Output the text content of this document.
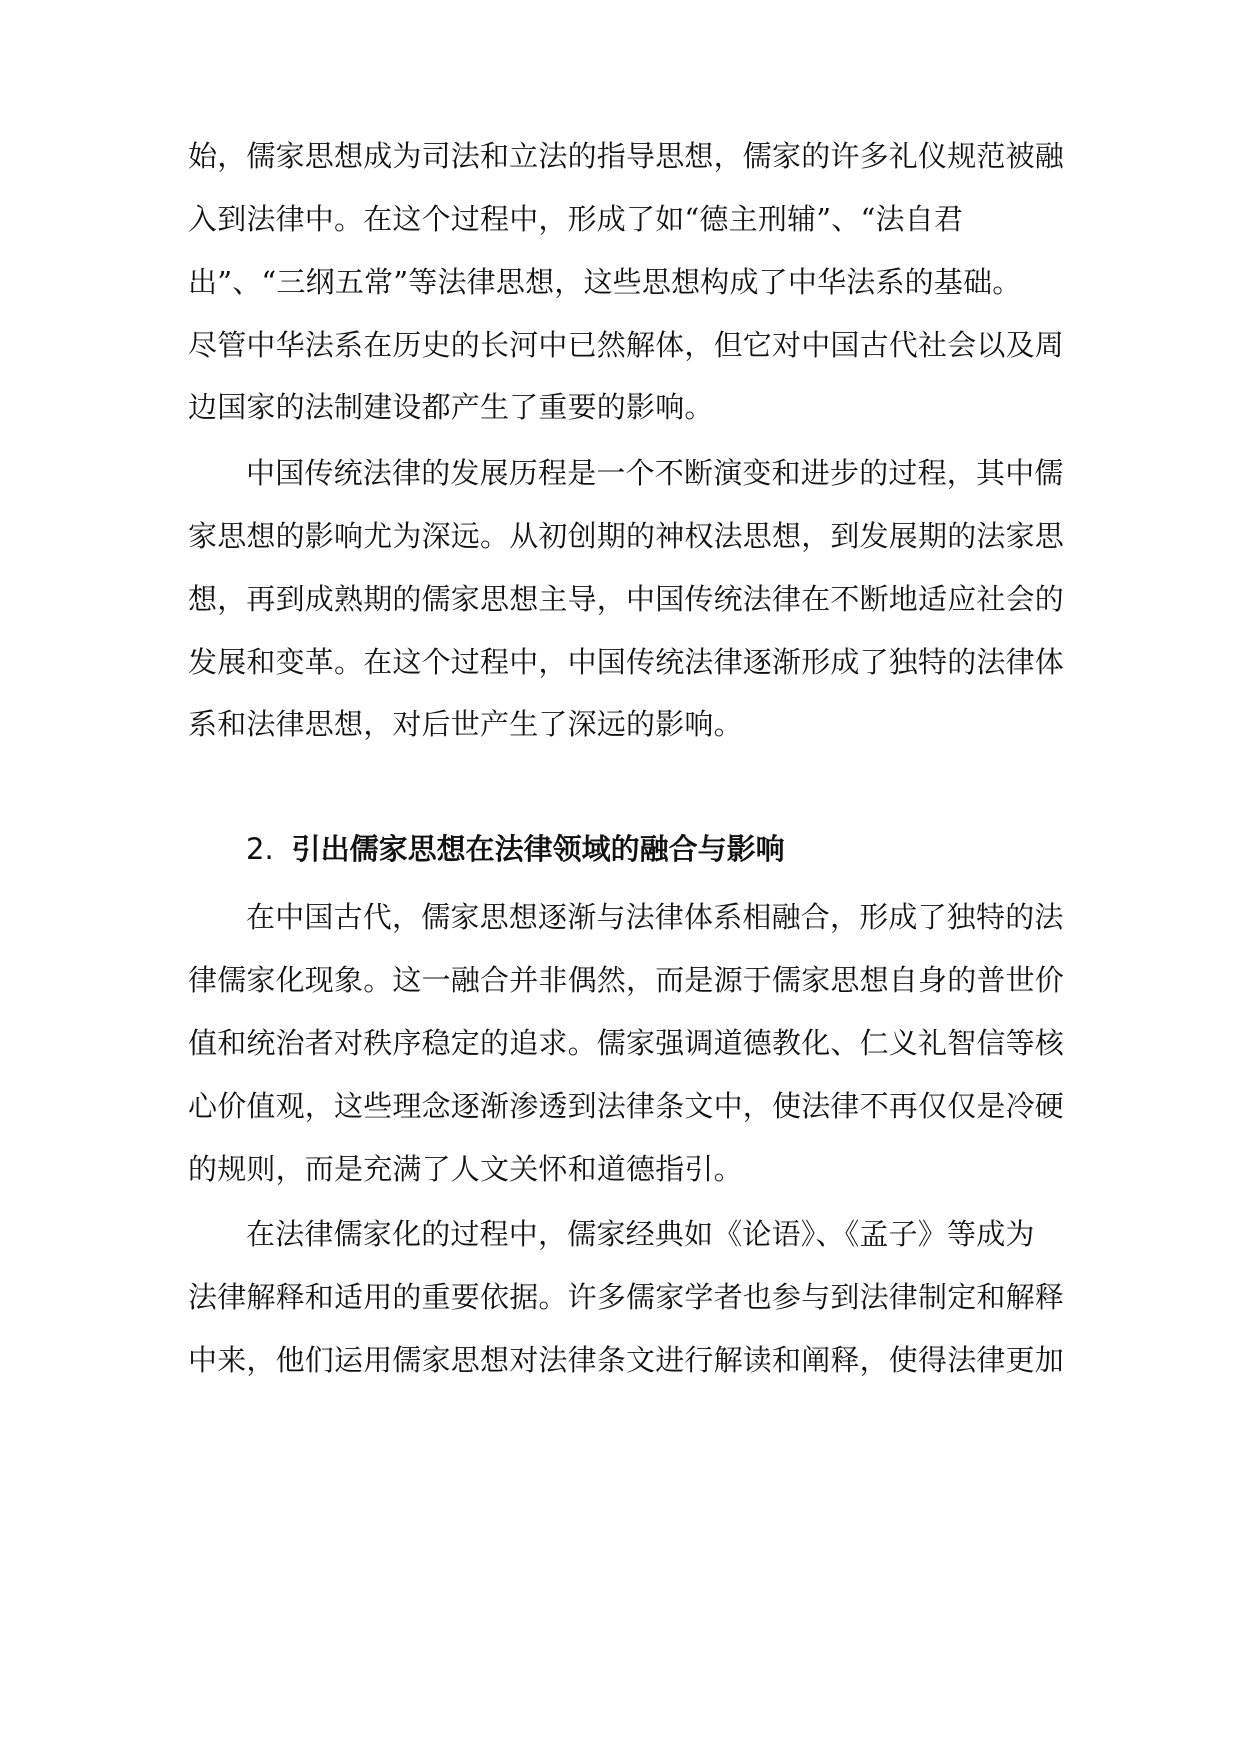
始，儒家思想成为司法和立法的指导思想，儒家的许多礼仪规范被融
入到法律中。在这个过程中，形成了如“德主刑辅”、“法自君
出”、“三纲五常”等法律思想，这些思想构成了中华法系的基础。
尽管中华法系在历史的长河中已然解体，但它对中国古代社会以及周
边国家的法制建设都产生了重要的影响。
中国传统法律的发展历程是一个不断演变和进步的过程，其中儒
家思想的影响尤为深远。从初创期的神权法思想，到发展期的法家思
想，再到成熟期的儒家思想主导，中国传统法律在不断地适应社会的
发展和变革。在这个过程中，中国传统法律逐渐形成了独特的法律体
系和法律思想，对后世产生了深远的影响。
2. 引出儒家思想在法律领域的融合与影响
在中国古代，儒家思想逐渐与法律体系相融合，形成了独特的法
律儒家化现象。这一融合并非偶然，而是源于儒家思想自身的普世价
值和统治者对秩序稳定的追求。儒家强调道德教化、仁义礼智信等核
心价值观，这些理念逐渐渗透到法律条文中，使法律不再仅仅是冷硬
的规则，而是充满了人文关怀和道德指引。
在法律儒家化的过程中，儒家经典如《论语》、《孟子》等成为
法律解释和适用的重要依据。许多儒家学者也参与到法律制定和解释
中来，他们运用儒家思想对法律条文进行解读和阐释，使得法律更加
